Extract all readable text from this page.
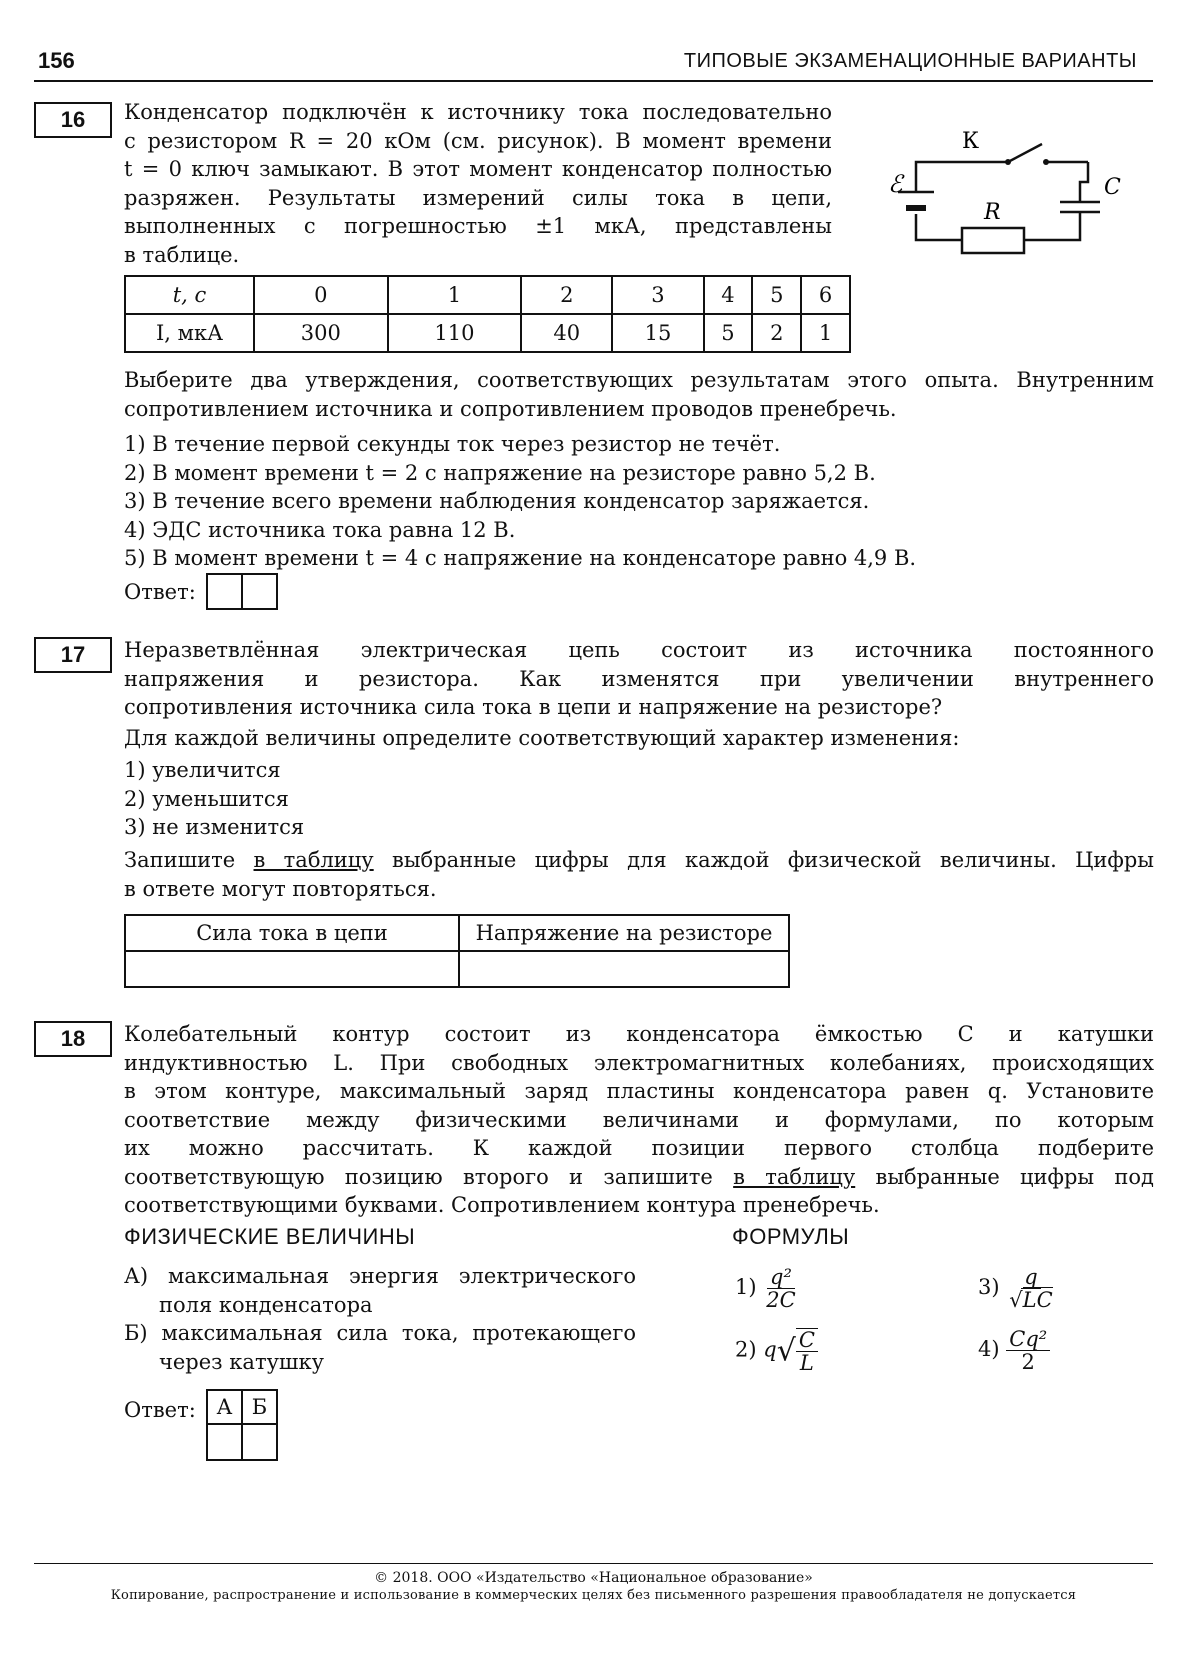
156	ТИПОВЫЕ ЭКЗАМЕНАЦИОННЫЕ ВАРИАНТЫ
16	Конденсатор подключён к источнику тока последовательно
с резистором R = 20 кОм (см. рисунок). В момент времени
t = 0 ключ замыкают. В этот момент конденсатор полностью
разряжен. Результаты измерений силы тока в цепи,
выполненных с погрешностью ±1 мкА, представлены
в таблице.
К
ℰ
R
C
t, с	0	1	2	3	4	5	6
I, мкА	300	110	40	15	5	2	1
Выберите два утверждения, соответствующих результатам этого опыта. Внутренним
сопротивлением источника и сопротивлением проводов пренебречь.
1) В течение первой секунды ток через резистор не течёт.
2) В момент времени t = 2 с напряжение на резисторе равно 5,2 В.
3) В течение всего времени наблюдения конденсатор заряжается.
4) ЭДС источника тока равна 12 В.
5) В момент времени t = 4 с напряжение на конденсаторе равно 4,9 В.
Ответ:
17	Неразветвлённая электрическая цепь состоит из источника постоянного
напряжения и резистора. Как изменятся при увеличении внутреннего
сопротивления источника сила тока в цепи и напряжение на резисторе?
Для каждой величины определите соответствующий характер изменения:
1) увеличится
2) уменьшится
3) не изменится
Запишите в таблицу выбранные цифры для каждой физической величины. Цифры
в ответе могут повторяться.
Сила тока в цепи	Напряжение на резисторе

18	Колебательный контур состоит из конденсатора ёмкостью C и катушки
индуктивностью L. При свободных электромагнитных колебаниях, происходящих
в этом контуре, максимальный заряд пластины конденсатора равен q. Установите
соответствие между физическими величинами и формулами, по которым
их можно рассчитать. К каждой позиции первого столбца подберите
соответствующую позицию второго и запишите в таблицу выбранные цифры под
соответствующими буквами. Сопротивлением контура пренебречь.
ФИЗИЧЕСКИЕ ВЕЛИЧИНЫ	ФОРМУЛЫ
А) максимальная энергия электрического
поля конденсатора
Б) максимальная сила тока, протекающего
через катушку
$1) \frac{\text{q²}}{2C}$
2) $q√ \frac{C}{L}$
$3) \frac{q}{√LC}$
$4) \frac{\text{Cq²}}{2}$
Ответ: А Б
© 2018. ООО «Издательство «Национальное образование»
Копирование, распространение и использование в коммерческих целях без письменного разрешения правообладателя не допускается
